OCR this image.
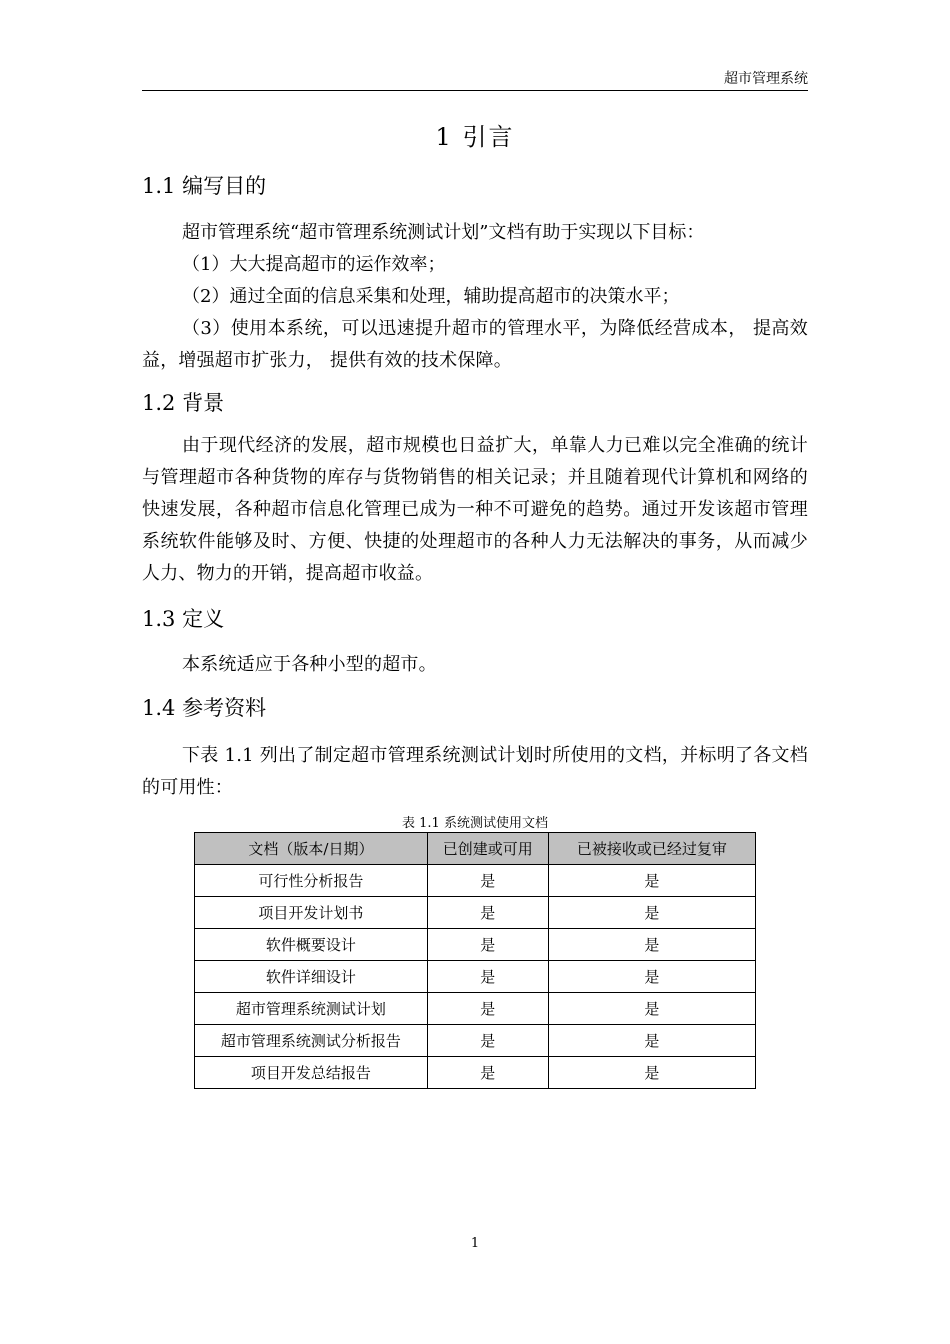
超市管理系统
1 引言
1.1 编写目的
超市管理系统“超市管理系统测试计划”文档有助于实现以下目标：
（1）大大提高超市的运作效率；
（2）通过全面的信息采集和处理，辅助提高超市的决策水平；
（3）使用本系统，可以迅速提升超市的管理水平，为降低经营成本， 提高效益，增强超市扩张力， 提供有效的技术保障。
1.2 背景
由于现代经济的发展，超市规模也日益扩大，单靠人力已难以完全准确的统计与管理超市各种货物的库存与货物销售的相关记录；并且随着现代计算机和网络的快速发展，各种超市信息化管理已成为一种不可避免的趋势。通过开发该超市管理系统软件能够及时、方便、快捷的处理超市的各种人力无法解决的事务，从而减少人力、物力的开销，提高超市收益。
1.3 定义
本系统适应于各种小型的超市。
1.4 参考资料
下表 1.1 列出了制定超市管理系统测试计划时所使用的文档，并标明了各文档的可用性：
表 1.1 系统测试使用文档
文档（版本/日期）	已创建或可用	已被接收或已经过复审
可行性分析报告	是	是
项目开发计划书	是	是
软件概要设计	是	是
软件详细设计	是	是
超市管理系统测试计划	是	是
超市管理系统测试分析报告	是	是
项目开发总结报告	是	是
1
